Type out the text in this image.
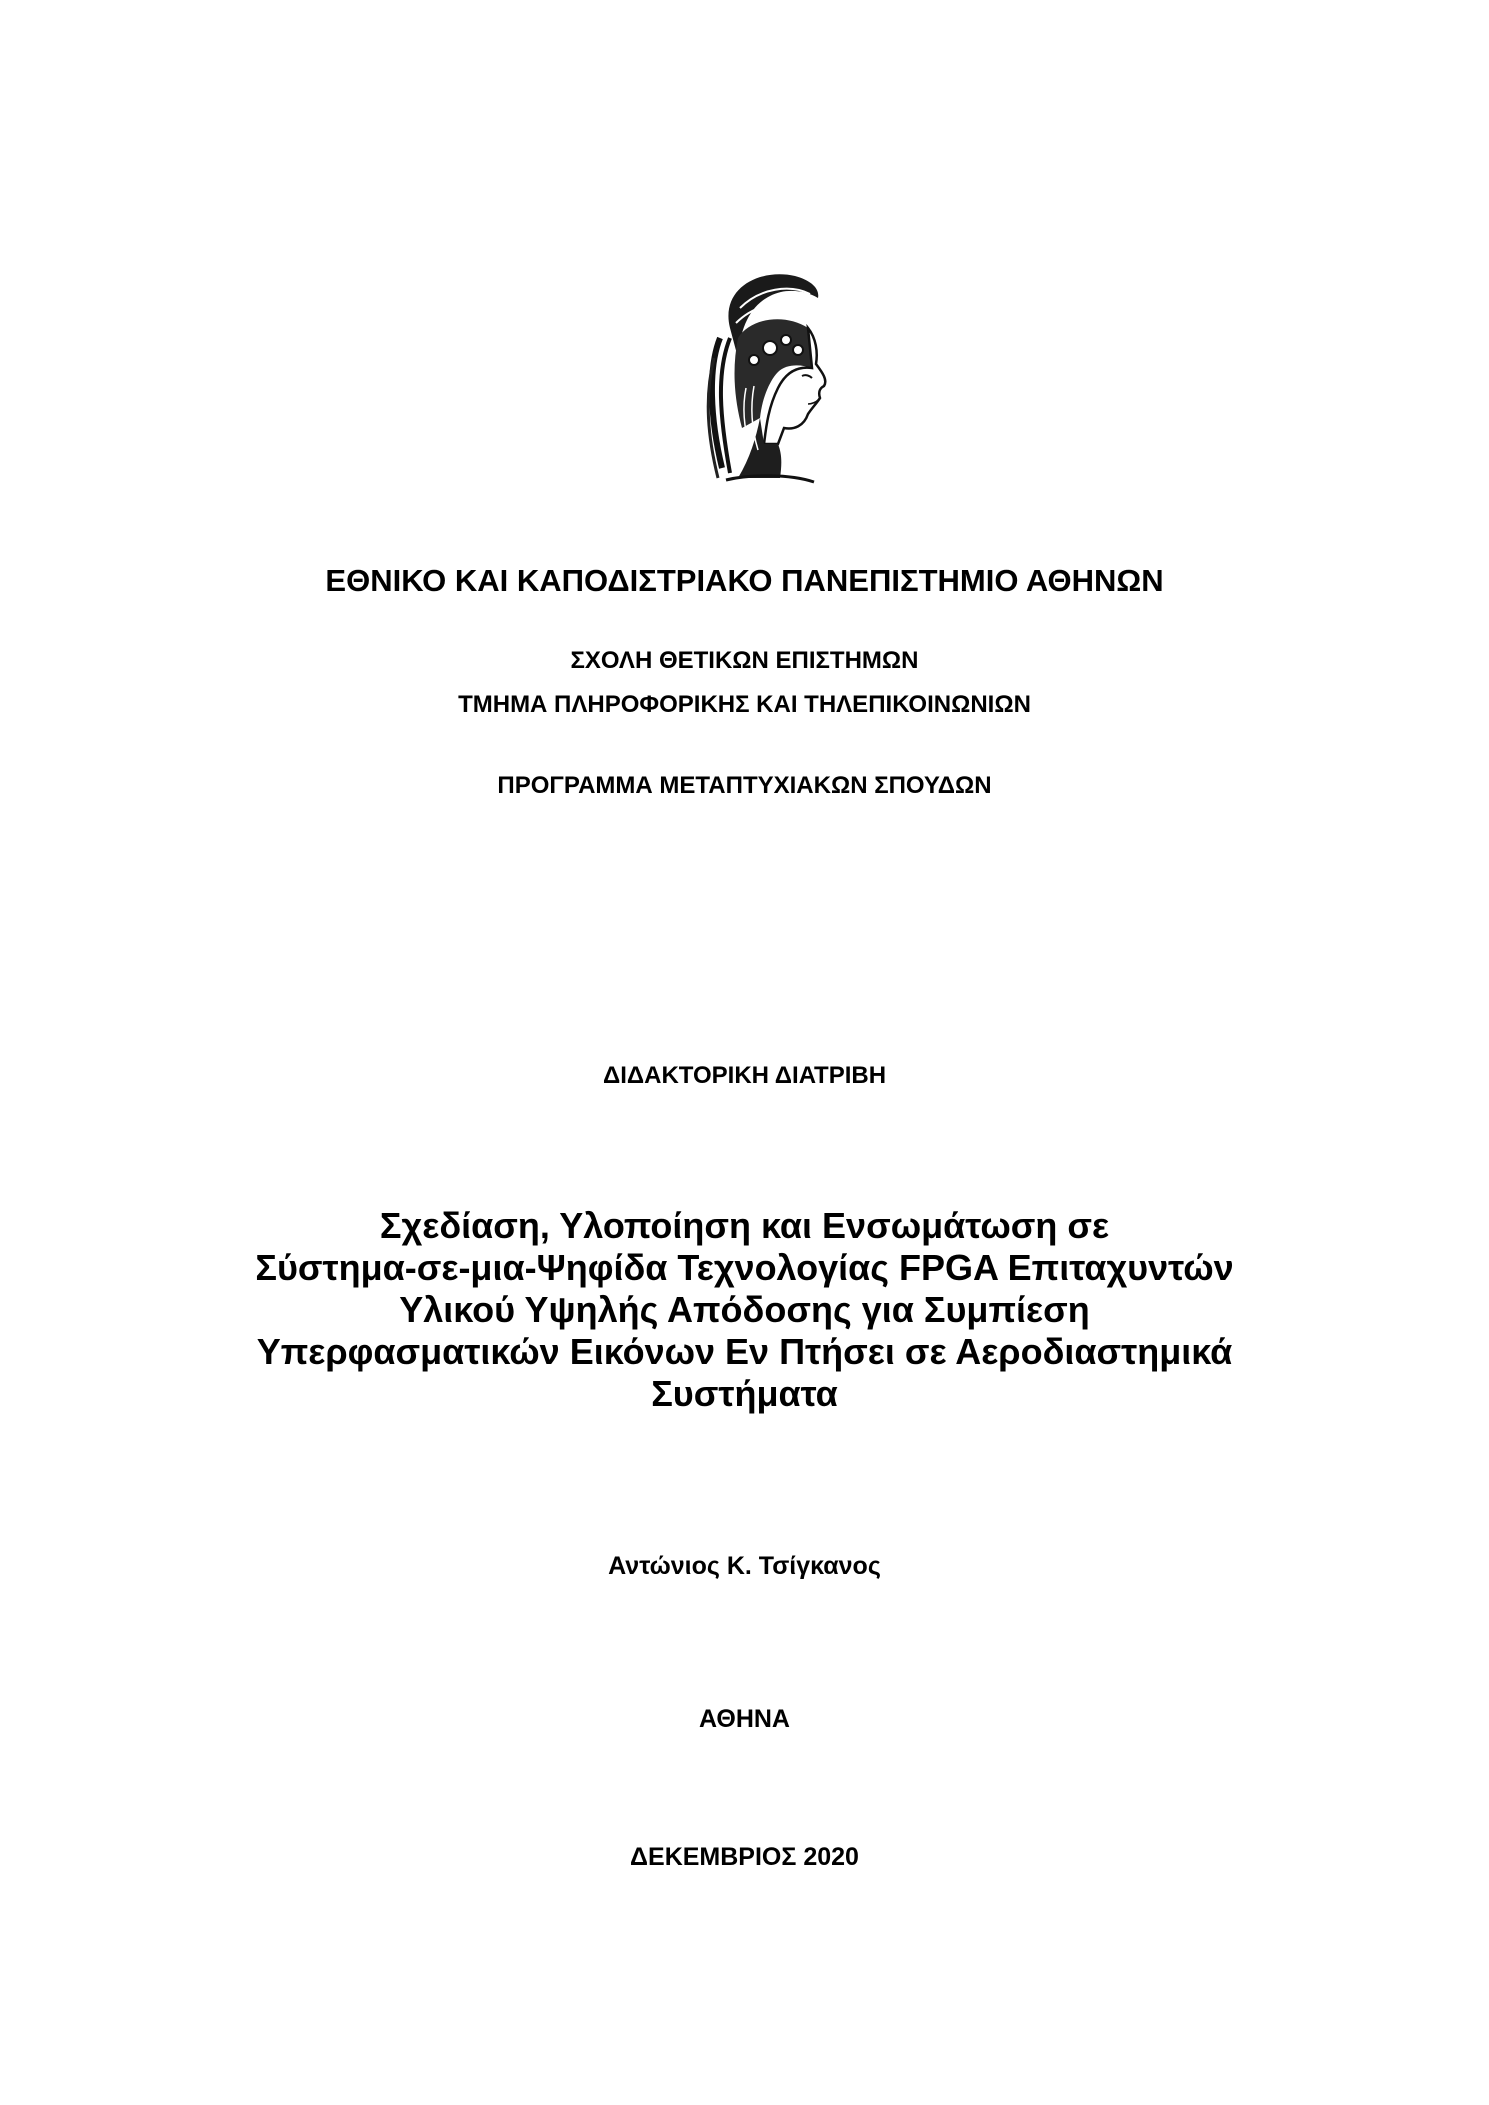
ΕΘΝΙΚΟ ΚΑΙ ΚΑΠΟΔΙΣΤΡΙΑΚΟ ΠΑΝΕΠΙΣΤΗΜΙΟ ΑΘΗΝΩΝ
ΣΧΟΛΗ ΘΕΤΙΚΩΝ ΕΠΙΣΤΗΜΩΝ
ΤΜΗΜΑ ΠΛΗΡΟΦΟΡΙΚΗΣ ΚΑΙ ΤΗΛΕΠΙΚΟΙΝΩΝΙΩΝ
ΠΡΟΓΡΑΜΜΑ ΜΕΤΑΠΤΥΧΙΑΚΩΝ ΣΠΟΥΔΩΝ
ΔΙΔΑΚΤΟΡΙΚΗ ΔΙΑΤΡΙΒΗ
Σχεδίαση, Υλοποίηση και Ενσωμάτωση σε
Σύστημα-σε-μια-Ψηφίδα Τεχνολογίας FPGA Επιταχυντών
Υλικού Υψηλής Απόδοσης για Συμπίεση
Υπερφασματικών Εικόνων Εν Πτήσει σε Αεροδιαστημικά
Συστήματα
Αντώνιος Κ. Τσίγκανος
ΑΘΗΝΑ
ΔΕΚΕΜΒΡΙΟΣ 2020
